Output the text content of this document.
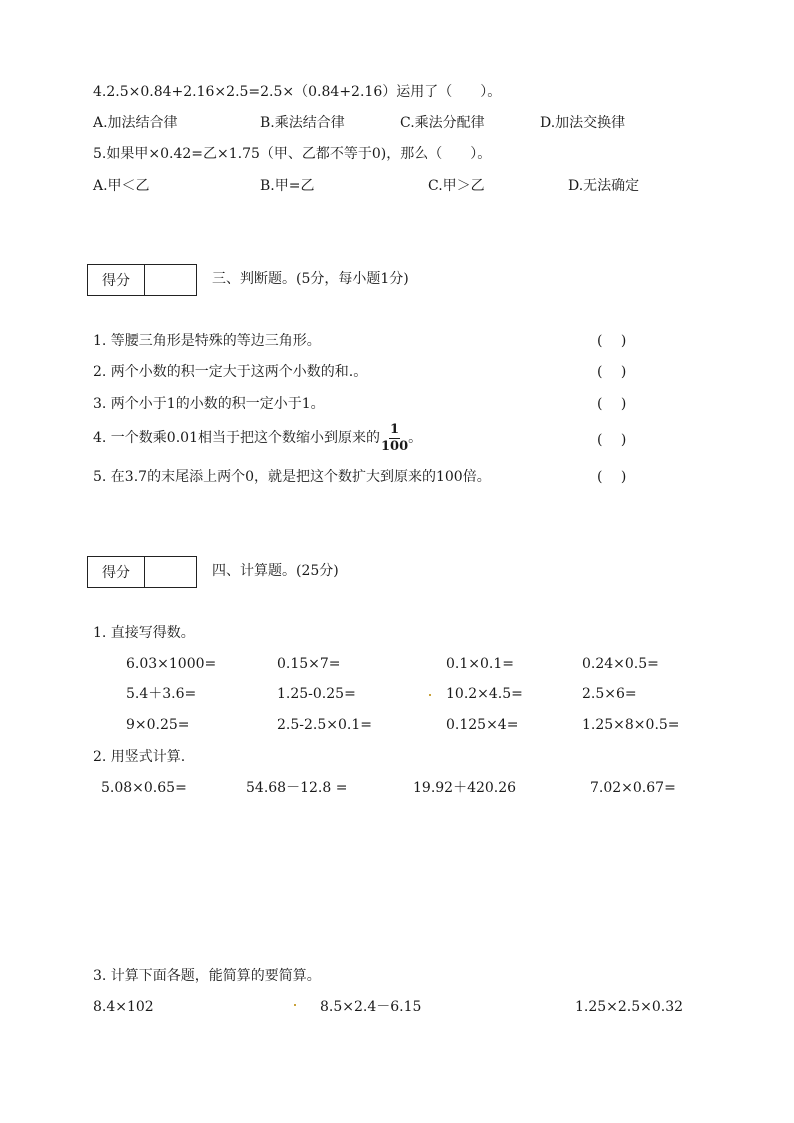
4.2.5×0.84+2.16×2.5=2.5×（0.84+2.16）运用了（　　）。
A.加法结合律	B.乘法结合律	C.乘法分配律	D.加法交换律
5.如果甲×0.42=乙×1.75（甲、乙都不等于0)，那么（　　）。
A.甲＜乙	B.甲=乙	C.甲＞乙	D.无法确定
得分	三、判断题。(5分，每小题1分)
1. 等腰三角形是特殊的等边三角形。	(　 )
2. 两个小数的积一定大于这两个小数的和.。	(　 )
3. 两个小于1的小数的积一定小于1。	(　 )
4. 一个数乘0.01相当于把这个数缩小到原来的 $\frac{1}{100}$ 。	(　 )
5. 在3.7的末尾添上两个0，就是把这个数扩大到原来的100倍。	(　 )
得分	四、计算题。(25分)
1. 直接写得数。
6.03×1000=	0.15×7=	0.1×0.1=	0.24×0.5=
5.4＋3.6=	1.25-0.25=	10.2×4.5=	2.5×6=
9×0.25=	2.5-2.5×0.1=	0.125×4=	1.25×8×0.5=
2. 用竖式计算.
5.08×0.65=	54.68－12.8 =	19.92＋420.26	7.02×0.67=
3. 计算下面各题，能简算的要简算。
8.4×102	8.5×2.4－6.15	1.25×2.5×0.32
